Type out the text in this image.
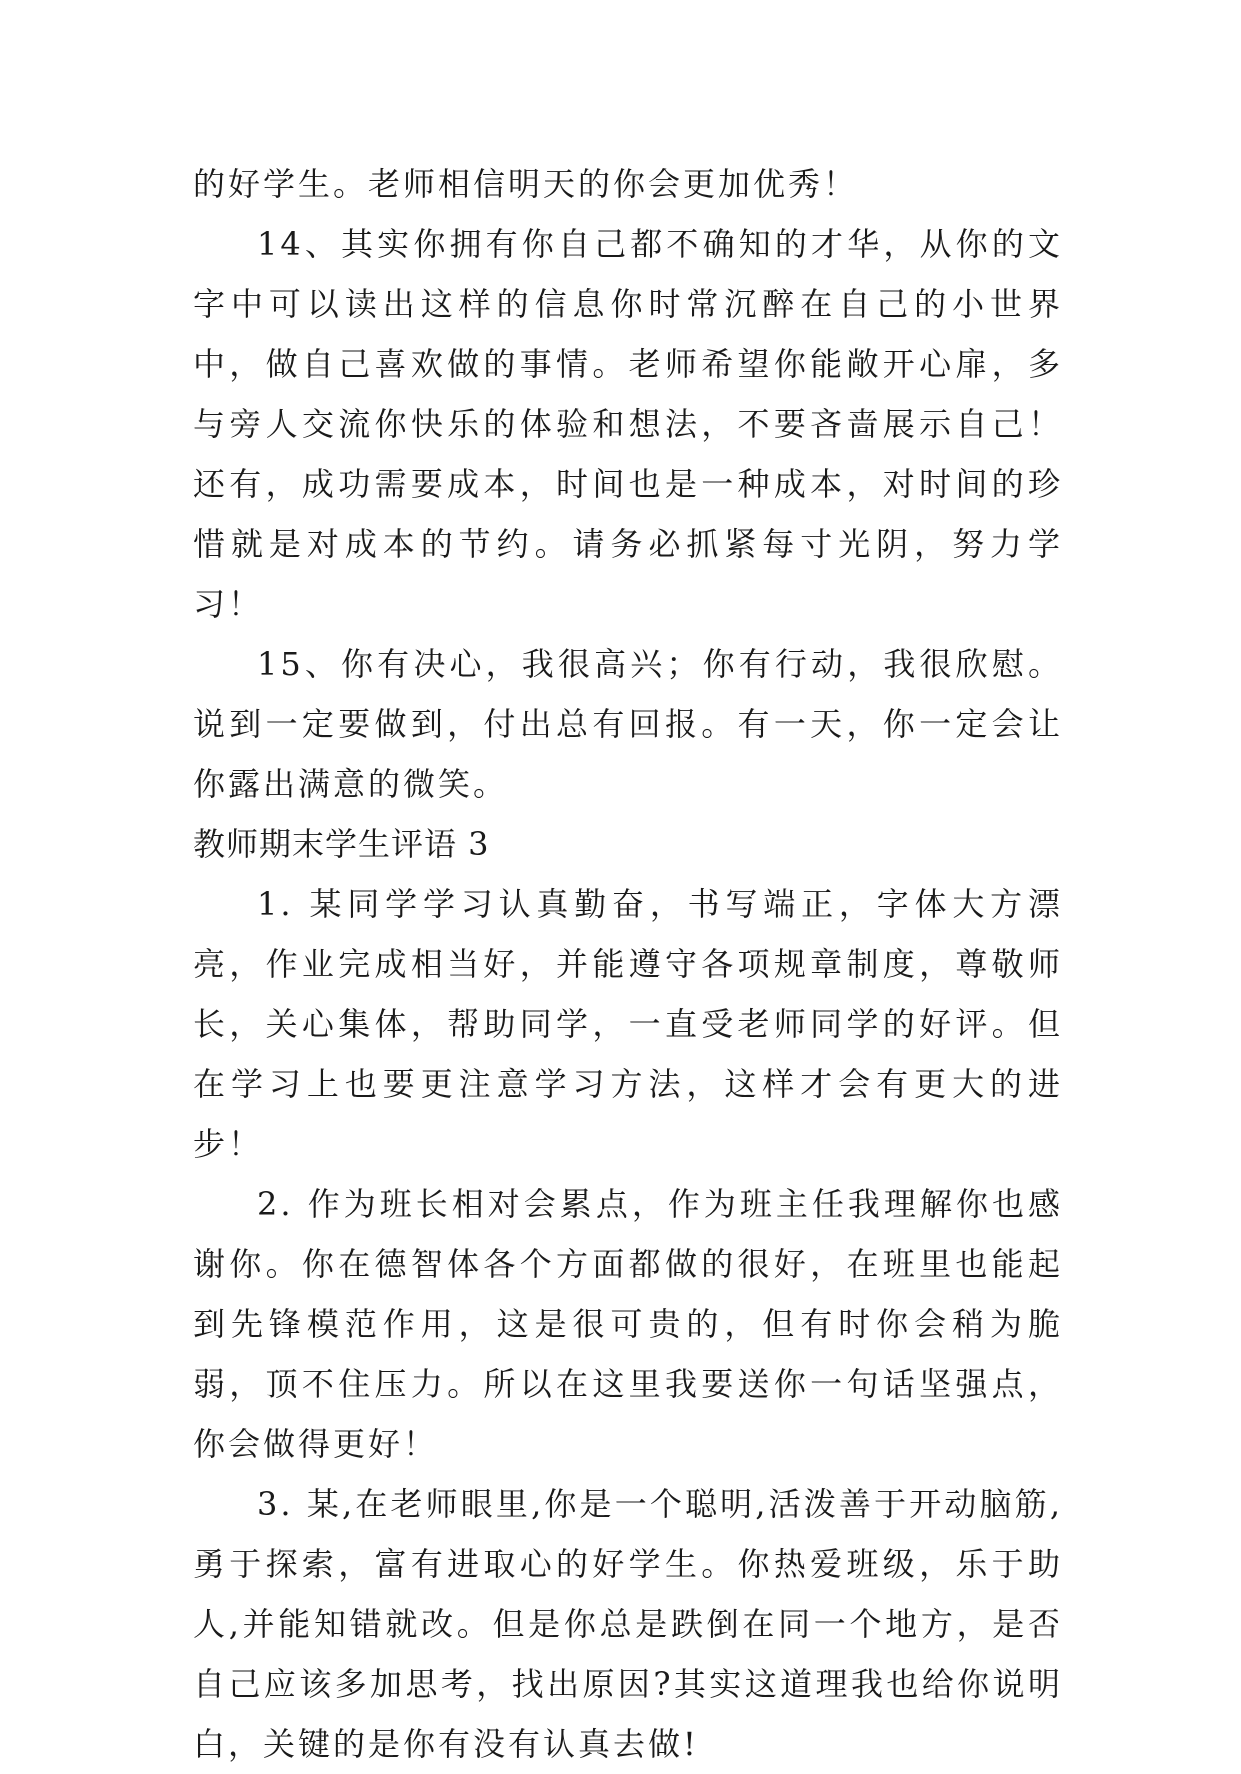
的好学生。老师相信明天的你会更加优秀！

14、其实你拥有你自己都不确知的才华，从你的文字中可以读出这样的信息你时常沉醉在自己的小世界中，做自己喜欢做的事情。老师希望你能敞开心扉，多与旁人交流你快乐的体验和想法，不要吝啬展示自己！还有，成功需要成本，时间也是一种成本，对时间的珍惜就是对成本的节约。请务必抓紧每寸光阴，努力学习！

15、你有决心，我很高兴；你有行动，我很欣慰。说到一定要做到，付出总有回报。有一天，你一定会让你露出满意的微笑。

教师期末学生评语 3

1. 某同学学习认真勤奋，书写端正，字体大方漂亮，作业完成相当好，并能遵守各项规章制度，尊敬师长，关心集体，帮助同学，一直受老师同学的好评。但在学习上也要更注意学习方法，这样才会有更大的进步！

2. 作为班长相对会累点，作为班主任我理解你也感谢你。你在德智体各个方面都做的很好，在班里也能起到先锋模范作用，这是很可贵的，但有时你会稍为脆弱，顶不住压力。所以在这里我要送你一句话坚强点，你会做得更好！

3. 某,在老师眼里,你是一个聪明,活泼善于开动脑筋,勇于探索，富有进取心的好学生。你热爱班级，乐于助人,并能知错就改。但是你总是跌倒在同一个地方，是否自己应该多加思考，找出原因?其实这道理我也给你说明白，关键的是你有没有认真去做!
